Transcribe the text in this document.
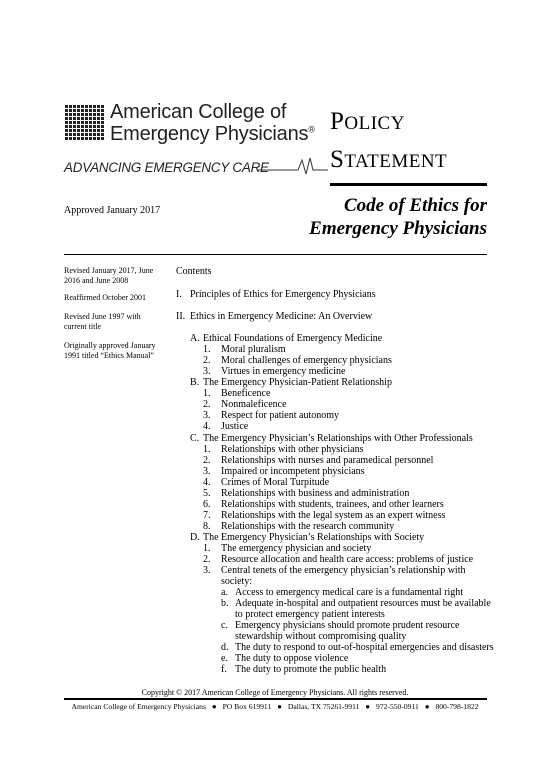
American College of
Emergency Physicians®
ADVANCING EMERGENCY CARE
POLICY
STATEMENT
Approved January 2017	Code of Ethics for
Emergency Physicians
Revised January 2017, June 2016 and June 2008
Reaffirmed October 2001
Revised June 1997 with current title
Originally approved January 1991 titled “Ethics Manual”
Contents
I. Principles of Ethics for Emergency Physicians
II. Ethics in Emergency Medicine: An Overview
A. Ethical Foundations of Emergency Medicine
1. Moral pluralism
2. Moral challenges of emergency physicians
3. Virtues in emergency medicine
B. The Emergency Physician-Patient Relationship
1. Beneficence
2. Nonmaleficence
3. Respect for patient autonomy
4. Justice
C. The Emergency Physician’s Relationships with Other Professionals
1. Relationships with other physicians
2. Relationships with nurses and paramedical personnel
3. Impaired or incompetent physicians
4. Crimes of Moral Turpitude
5. Relationships with business and administration
6. Relationships with students, trainees, and other learners
7. Relationships with the legal system as an expert witness
8. Relationships with the research community
D. The Emergency Physician’s Relationships with Society
1. The emergency physician and society
2. Resource allocation and health care access: problems of justice
3. Central tenets of the emergency physician’s relationship with
society:
a. Access to emergency medical care is a fundamental right
b. Adequate in-hospital and outpatient resources must be available
to protect emergency patient interests
c. Emergency physicians should promote prudent resource
stewardship without compromising quality
d. The duty to respond to out-of-hospital emergencies and disasters
e. The duty to oppose violence
f. The duty to promote the public health
Copyright © 2017 American College of Emergency Physicians. All rights reserved.
American College of Emergency Physicians ● PO Box 619911 ● Dallas, TX 75261-9911 ● 972-550-0911 ● 800-798-1822
